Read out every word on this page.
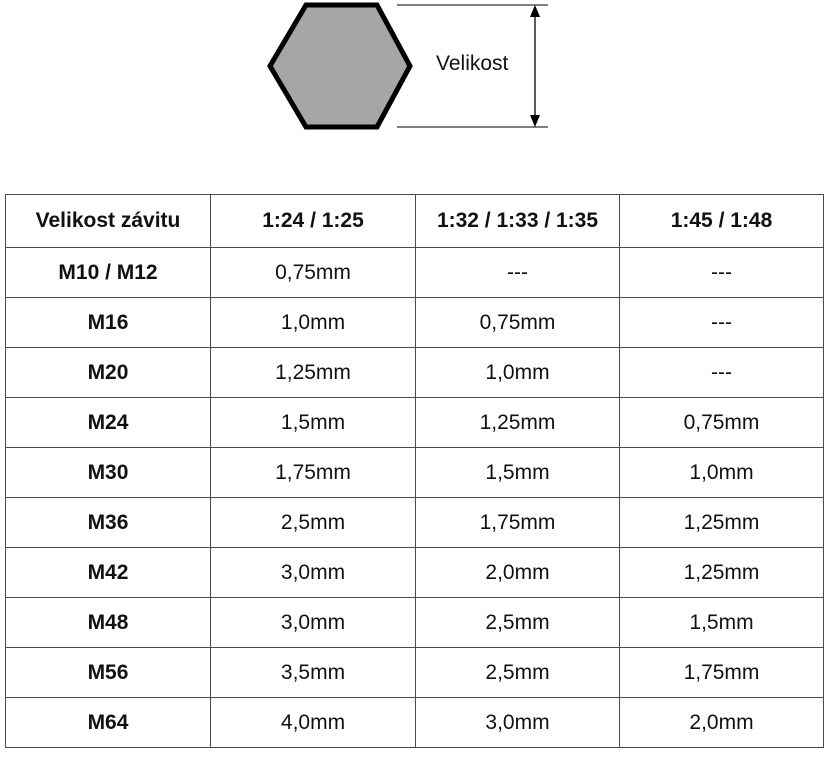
Velikost
Velikost závitu	1:24 / 1:25	1:32 / 1:33 / 1:35	1:45 / 1:48
M10 / M12	0,75mm	---	---
M16	1,0mm	0,75mm	---
M20	1,25mm	1,0mm	---
M24	1,5mm	1,25mm	0,75mm
M30	1,75mm	1,5mm	1,0mm
M36	2,5mm	1,75mm	1,25mm
M42	3,0mm	2,0mm	1,25mm
M48	3,0mm	2,5mm	1,5mm
M56	3,5mm	2,5mm	1,75mm
M64	4,0mm	3,0mm	2,0mm
